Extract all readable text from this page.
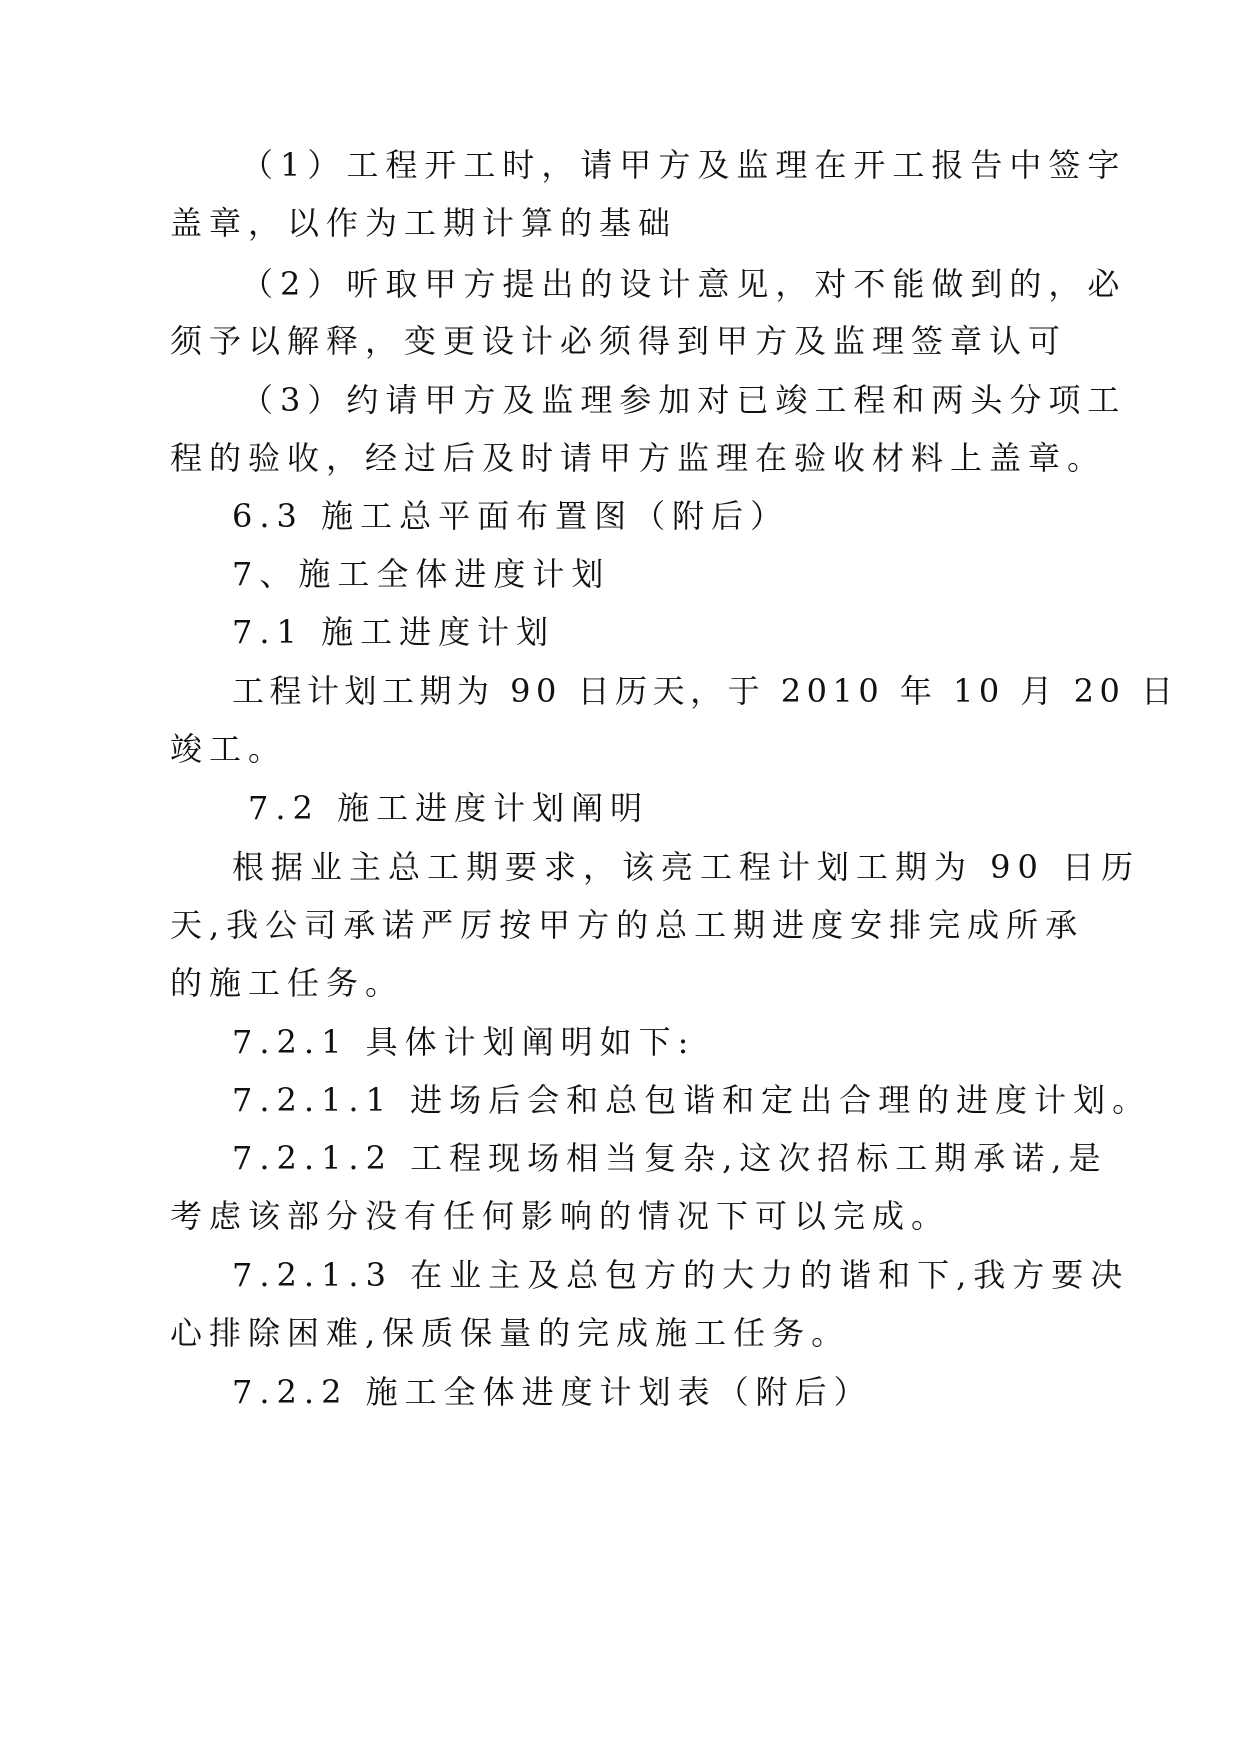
（1）工程开工时，请甲方及监理在开工报告中签字
盖章，以作为工期计算的基础
（2）听取甲方提出的设计意见，对不能做到的，必
须予以解释，变更设计必须得到甲方及监理签章认可
（3）约请甲方及监理参加对已竣工程和两头分项工
程的验收，经过后及时请甲方监理在验收材料上盖章。
6.3 施工总平面布置图（附后）
7、施工全体进度计划
7.1 施工进度计划
工程计划工期为 90 日历天，于 2010 年 10 月 20 日
竣工。
7.2 施工进度计划阐明
根据业主总工期要求，该亮工程计划工期为 90 日历
天,我公司承诺严厉按甲方的总工期进度安排完成所承
的施工任务。
7.2.1 具体计划阐明如下:
7.2.1.1 进场后会和总包谐和定出合理的进度计划。
7.2.1.2 工程现场相当复杂,这次招标工期承诺,是
考虑该部分没有任何影响的情况下可以完成。
7.2.1.3 在业主及总包方的大力的谐和下,我方要决
心排除困难,保质保量的完成施工任务。
7.2.2 施工全体进度计划表（附后）
